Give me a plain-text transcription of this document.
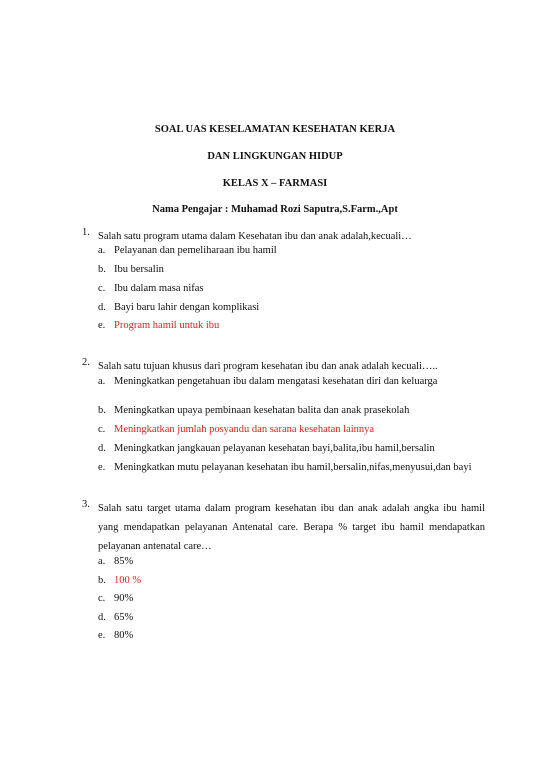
SOAL UAS KESELAMATAN KESEHATAN KERJA
DAN LINGKUNGAN HIDUP
KELAS X – FARMASI
Nama Pengajar : Muhamad Rozi Saputra,S.Farm.,Apt
1. Salah satu program utama dalam Kesehatan ibu dan anak adalah,kecuali…
a. Pelayanan dan pemeliharaan ibu hamil
b. Ibu bersalin
c. Ibu dalam masa nifas
d. Bayi baru lahir dengan komplikasi
e. Program hamil untuk ibu
2. Salah satu tujuan khusus dari program kesehatan ibu dan anak adalah kecuali…..
a. Meningkatkan pengetahuan ibu dalam mengatasi kesehatan diri dan keluarga
b. Meningkatkan upaya pembinaan kesehatan balita dan anak prasekolah
c. Meningkatkan jumlah posyandu dan sarana kesehatan lainnya
d. Meningkatkan jangkauan pelayanan kesehatan bayi,balita,ibu hamil,bersalin
e. Meningkatkan mutu pelayanan kesehatan ibu hamil,bersalin,nifas,menyusui,dan bayi
3. Salah satu target utama dalam program kesehatan ibu dan anak adalah angka ibu hamil yang mendapatkan pelayanan Antenatal care. Berapa % target ibu hamil mendapatkan pelayanan antenatal care…
a. 85%
b. 100 %
c. 90%
d. 65%
e. 80%
